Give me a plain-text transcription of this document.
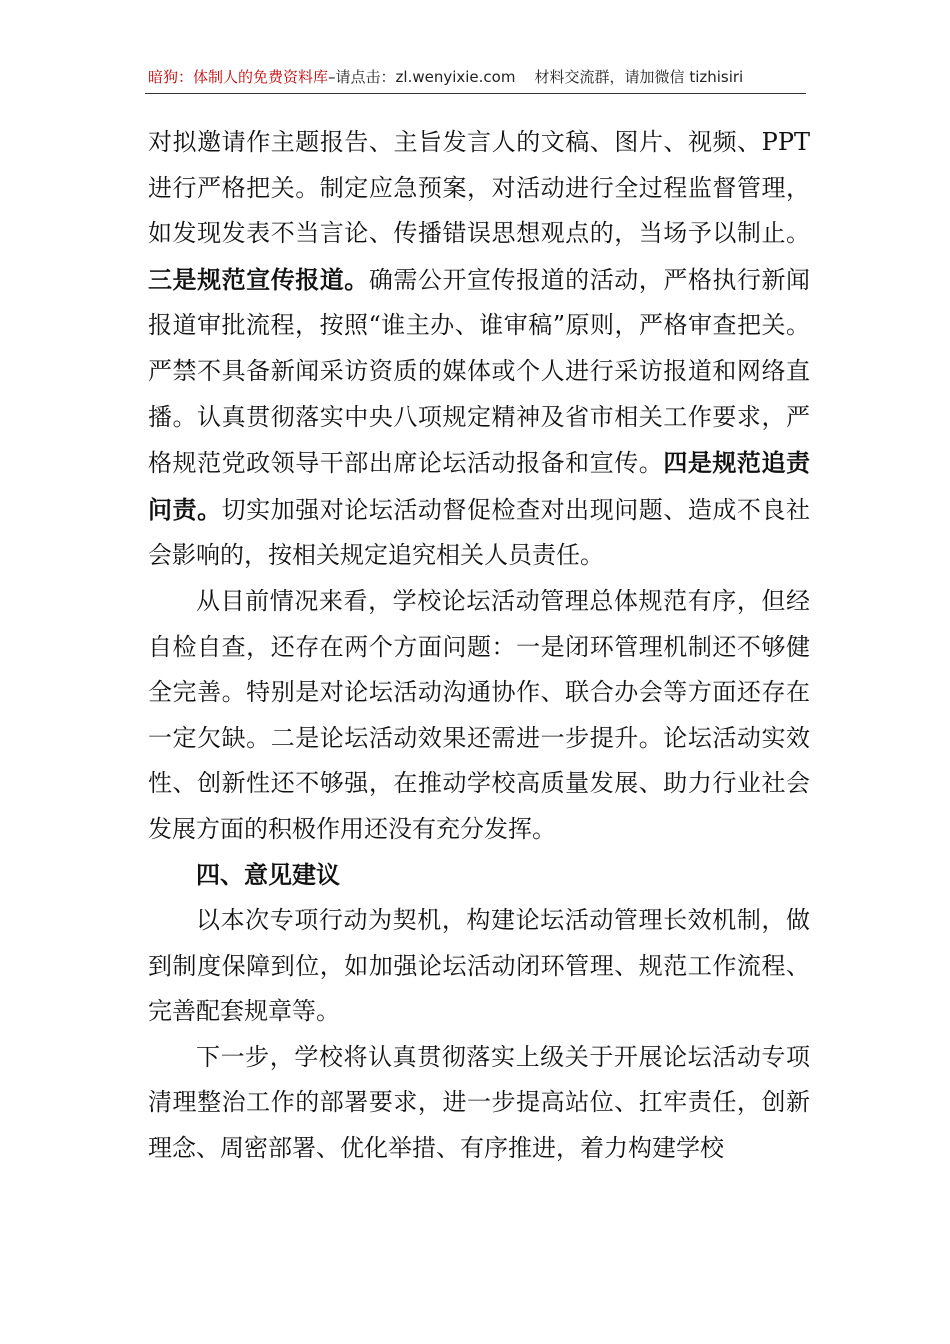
暗狗：体制人的免费资料库–请点击：zl.wenyixie.com 材料交流群，请加微信 tizhisiri

对拟邀请作主题报告、主旨发言人的文稿、图片、视频、PPT进行严格把关。制定应急预案，对活动进行全过程监督管理，如发现发表不当言论、传播错误思想观点的，当场予以制止。三是规范宣传报道。确需公开宣传报道的活动，严格执行新闻报道审批流程，按照“谁主办、谁审稿”原则，严格审查把关。严禁不具备新闻采访资质的媒体或个人进行采访报道和网络直播。认真贯彻落实中央八项规定精神及省市相关工作要求，严格规范党政领导干部出席论坛活动报备和宣传。四是规范追责问责。切实加强对论坛活动督促检查对出现问题、造成不良社会影响的，按相关规定追究相关人员责任。

从目前情况来看，学校论坛活动管理总体规范有序，但经自检自查，还存在两个方面问题：一是闭环管理机制还不够健全完善。特别是对论坛活动沟通协作、联合办会等方面还存在一定欠缺。二是论坛活动效果还需进一步提升。论坛活动实效性、创新性还不够强，在推动学校高质量发展、助力行业社会发展方面的积极作用还没有充分发挥。

四、意见建议

以本次专项行动为契机，构建论坛活动管理长效机制，做到制度保障到位，如加强论坛活动闭环管理、规范工作流程、完善配套规章等。

下一步，学校将认真贯彻落实上级关于开展论坛活动专项清理整治工作的部署要求，进一步提高站位、扛牢责任，创新理念、周密部署、优化举措、有序推进，着力构建学校
